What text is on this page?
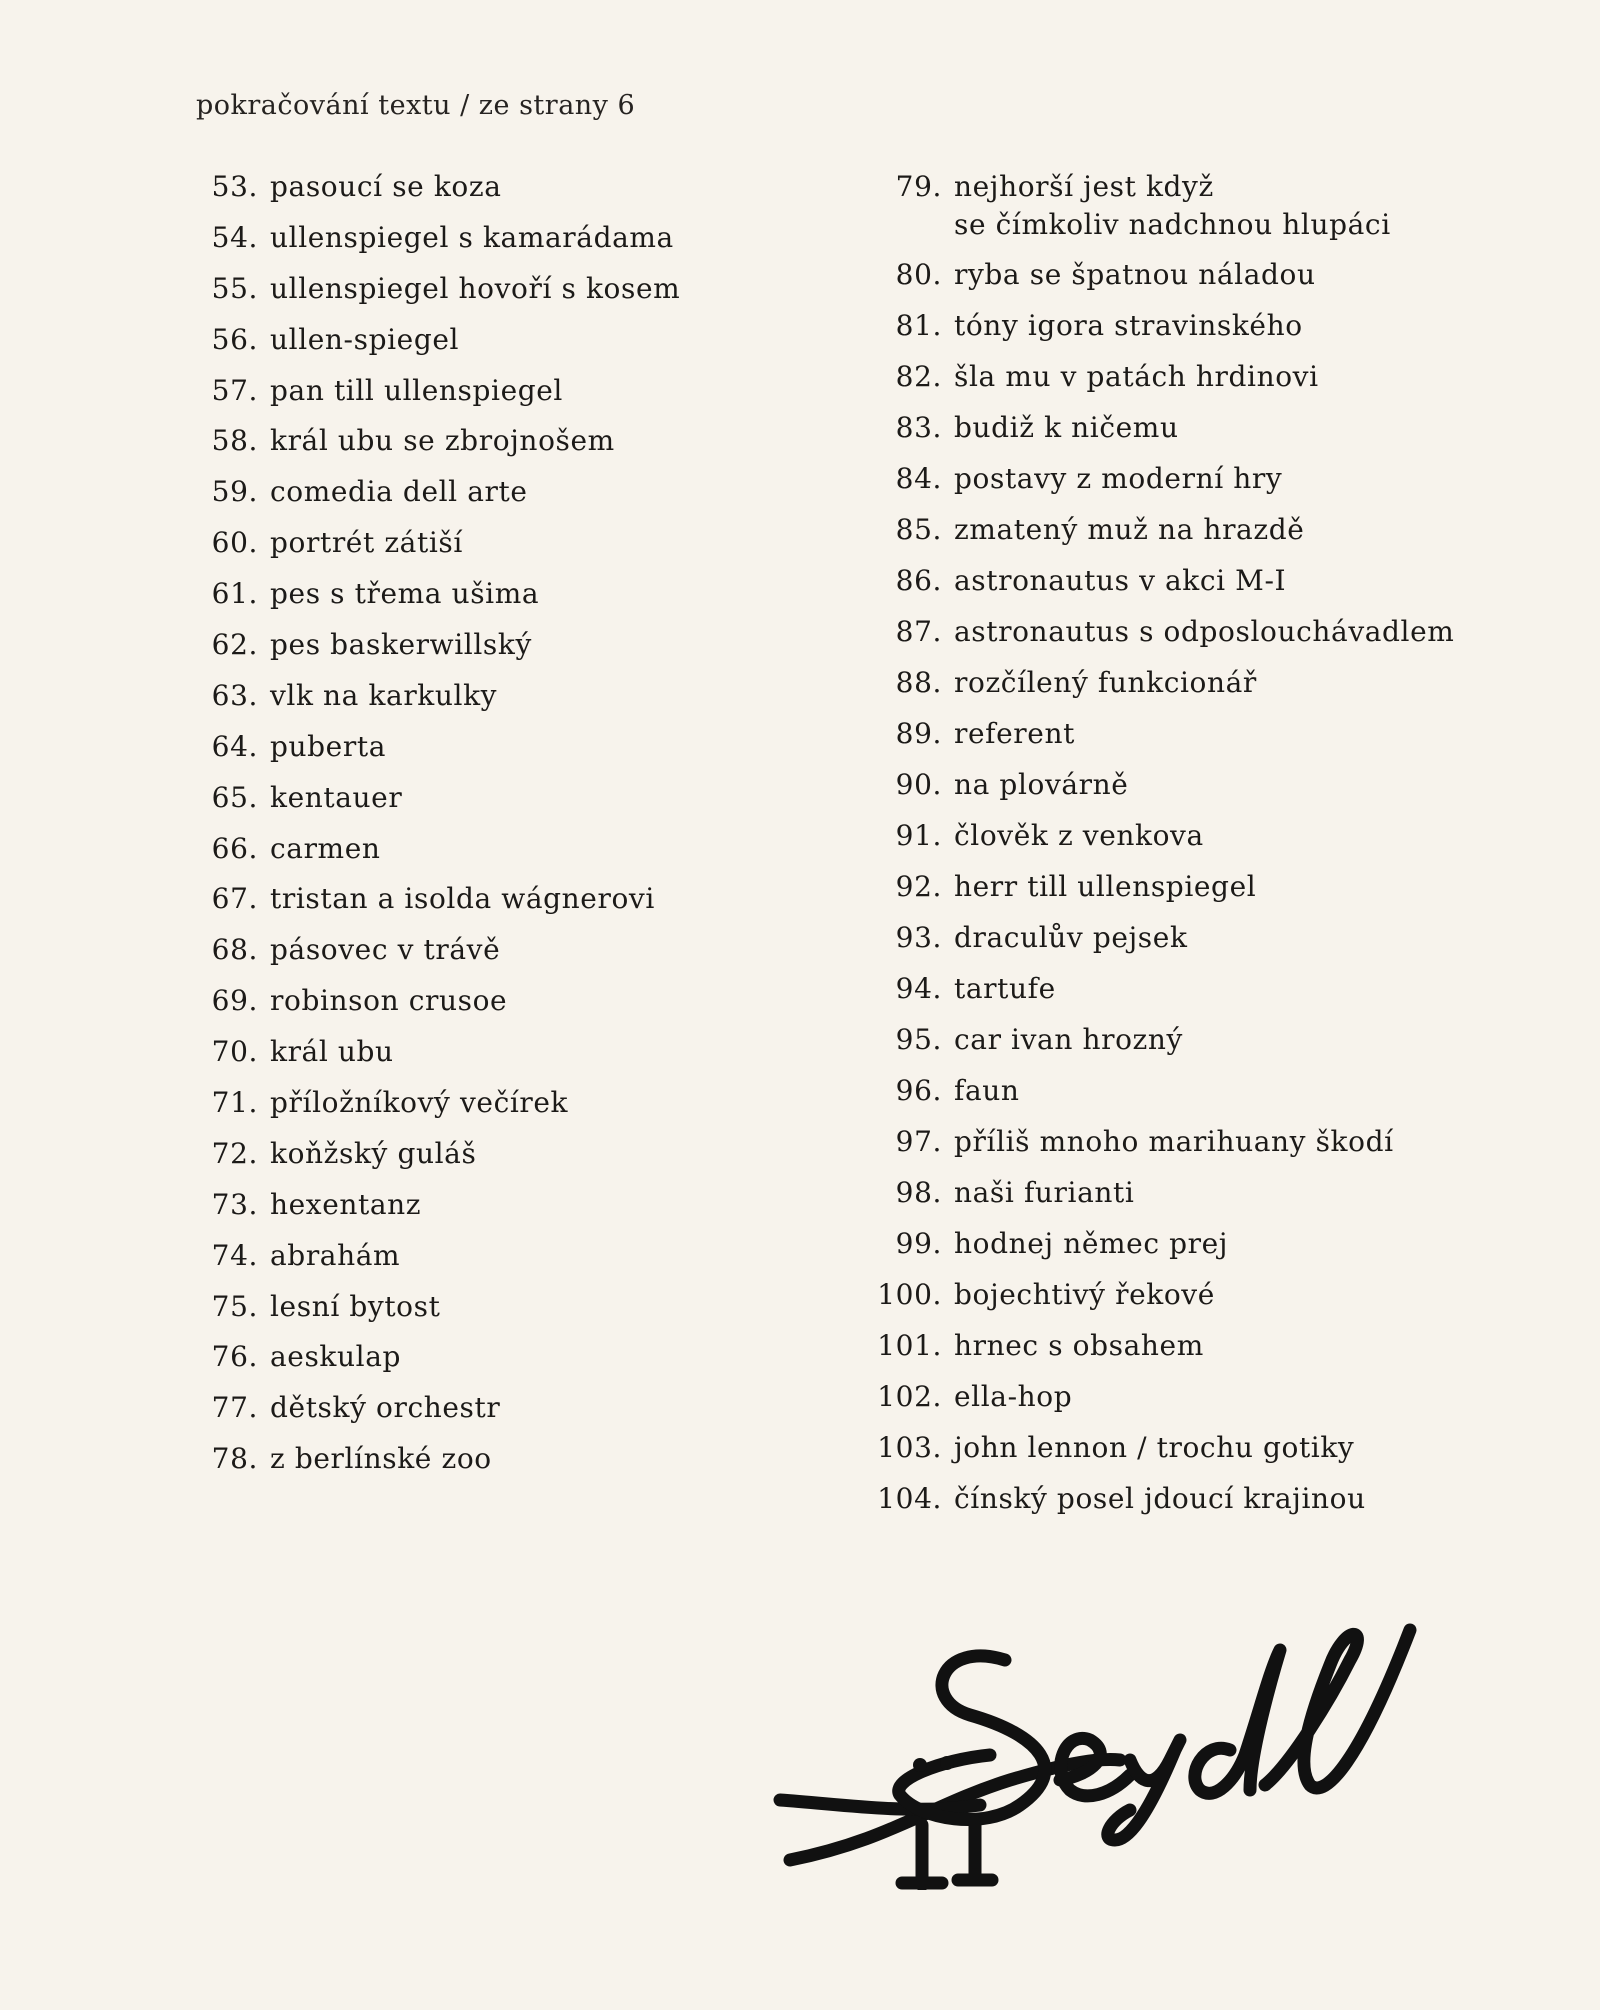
pokračování textu / ze strany 6
53. pasoucí se koza
54. ullenspiegel s kamarádama
55. ullenspiegel hovoří s kosem
56. ullen-spiegel
57. pan till ullenspiegel
58. král ubu se zbrojnošem
59. comedia dell arte
60. portrét zátiší
61. pes s třema ušima
62. pes baskerwillský
63. vlk na karkulky
64. puberta
65. kentauer
66. carmen
67. tristan a isolda wágnerovi
68. pásovec v trávě
69. robinson crusoe
70. král ubu
71. příložníkový večírek
72. koňžský guláš
73. hexentanz
74. abrahám
75. lesní bytost
76. aeskulap
77. dětský orchestr
78. z berlínské zoo
79. nejhorší jest když
se čímkoliv nadchnou hlupáci
80. ryba se špatnou náladou
81. tóny igora stravinského
82. šla mu v patách hrdinovi
83. budiž k ničemu
84. postavy z moderní hry
85. zmatený muž na hrazdě
86. astronautus v akci M-I
87. astronautus s odposlouchávadlem
88. rozčílený funkcionář
89. referent
90. na plovárně
91. člověk z venkova
92. herr till ullenspiegel
93. draculův pejsek
94. tartufe
95. car ivan hrozný
96. faun
97. příliš mnoho marihuany škodí
98. naši furianti
99. hodnej němec prej
100. bojechtivý řekové
101. hrnec s obsahem
102. ella-hop
103. john lennon / trochu gotiky
104. čínský posel jdoucí krajinou
